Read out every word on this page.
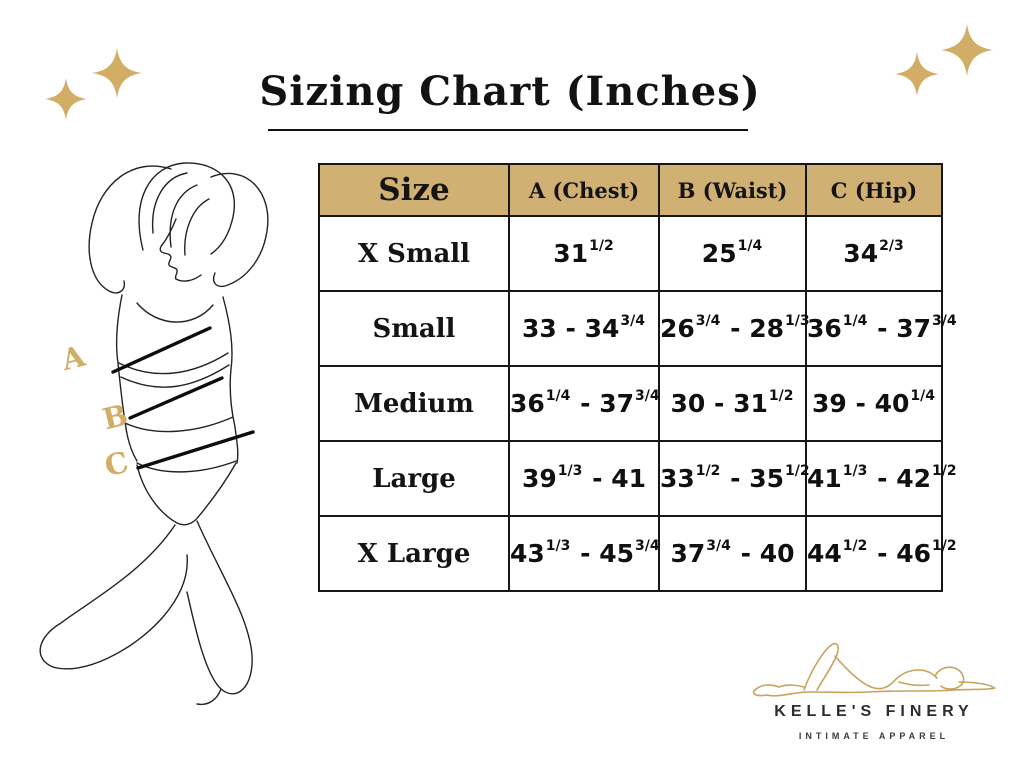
Sizing Chart (Inches)
A
B
C
Size	A (Chest)	B (Waist)	C (Hip)
X Small	311/2	251/4	342/3
Small	33 - 343/4	263/4 - 281/3	361/4 - 373/4
Medium	361/4 - 373/4	30 - 311/2	39 - 401/4
Large	391/3 - 41	331/2 - 351/2	411/3 - 421/2
X Large	431/3 - 453/4	373/4 - 40	441/2 - 461/2
KELLE'S FINERY
INTIMATE APPAREL
